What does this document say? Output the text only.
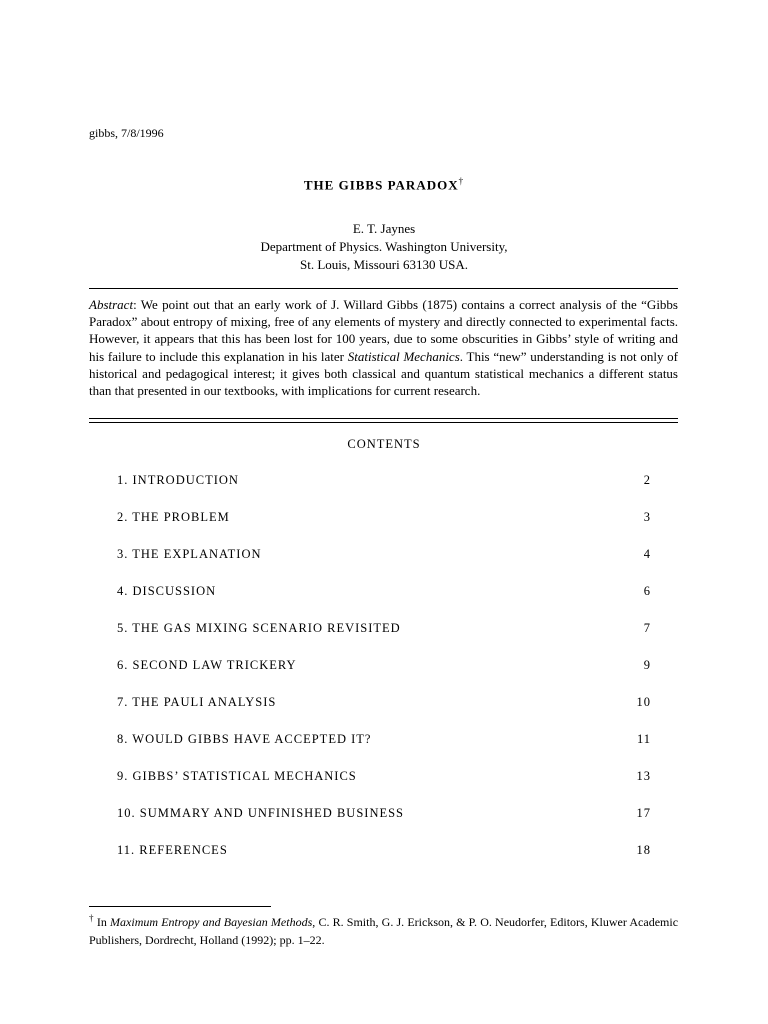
gibbs, 7/8/1996
THE GIBBS PARADOX†
E. T. Jaynes
Department of Physics. Washington University,
St. Louis, Missouri 63130 USA.
Abstract: We point out that an early work of J. Willard Gibbs (1875) contains a correct analysis of the “Gibbs Paradox” about entropy of mixing, free of any elements of mystery and directly connected to experimental facts. However, it appears that this has been lost for 100 years, due to some obscurities in Gibbs’ style of writing and his failure to include this explanation in his later Statistical Mechanics. This “new” understanding is not only of historical and pedagogical interest; it gives both classical and quantum statistical mechanics a different status than that presented in our textbooks, with implications for current research.
CONTENTS
1. INTRODUCTION	2
2. THE PROBLEM	3
3. THE EXPLANATION	4
4. DISCUSSION	6
5. THE GAS MIXING SCENARIO REVISITED	7
6. SECOND LAW TRICKERY	9
7. THE PAULI ANALYSIS	10
8. WOULD GIBBS HAVE ACCEPTED IT?	11
9. GIBBS’ STATISTICAL MECHANICS	13
10. SUMMARY AND UNFINISHED BUSINESS	17
11. REFERENCES	18
† In Maximum Entropy and Bayesian Methods, C. R. Smith, G. J. Erickson, & P. O. Neudorfer, Editors, Kluwer Academic Publishers, Dordrecht, Holland (1992); pp. 1–22.
